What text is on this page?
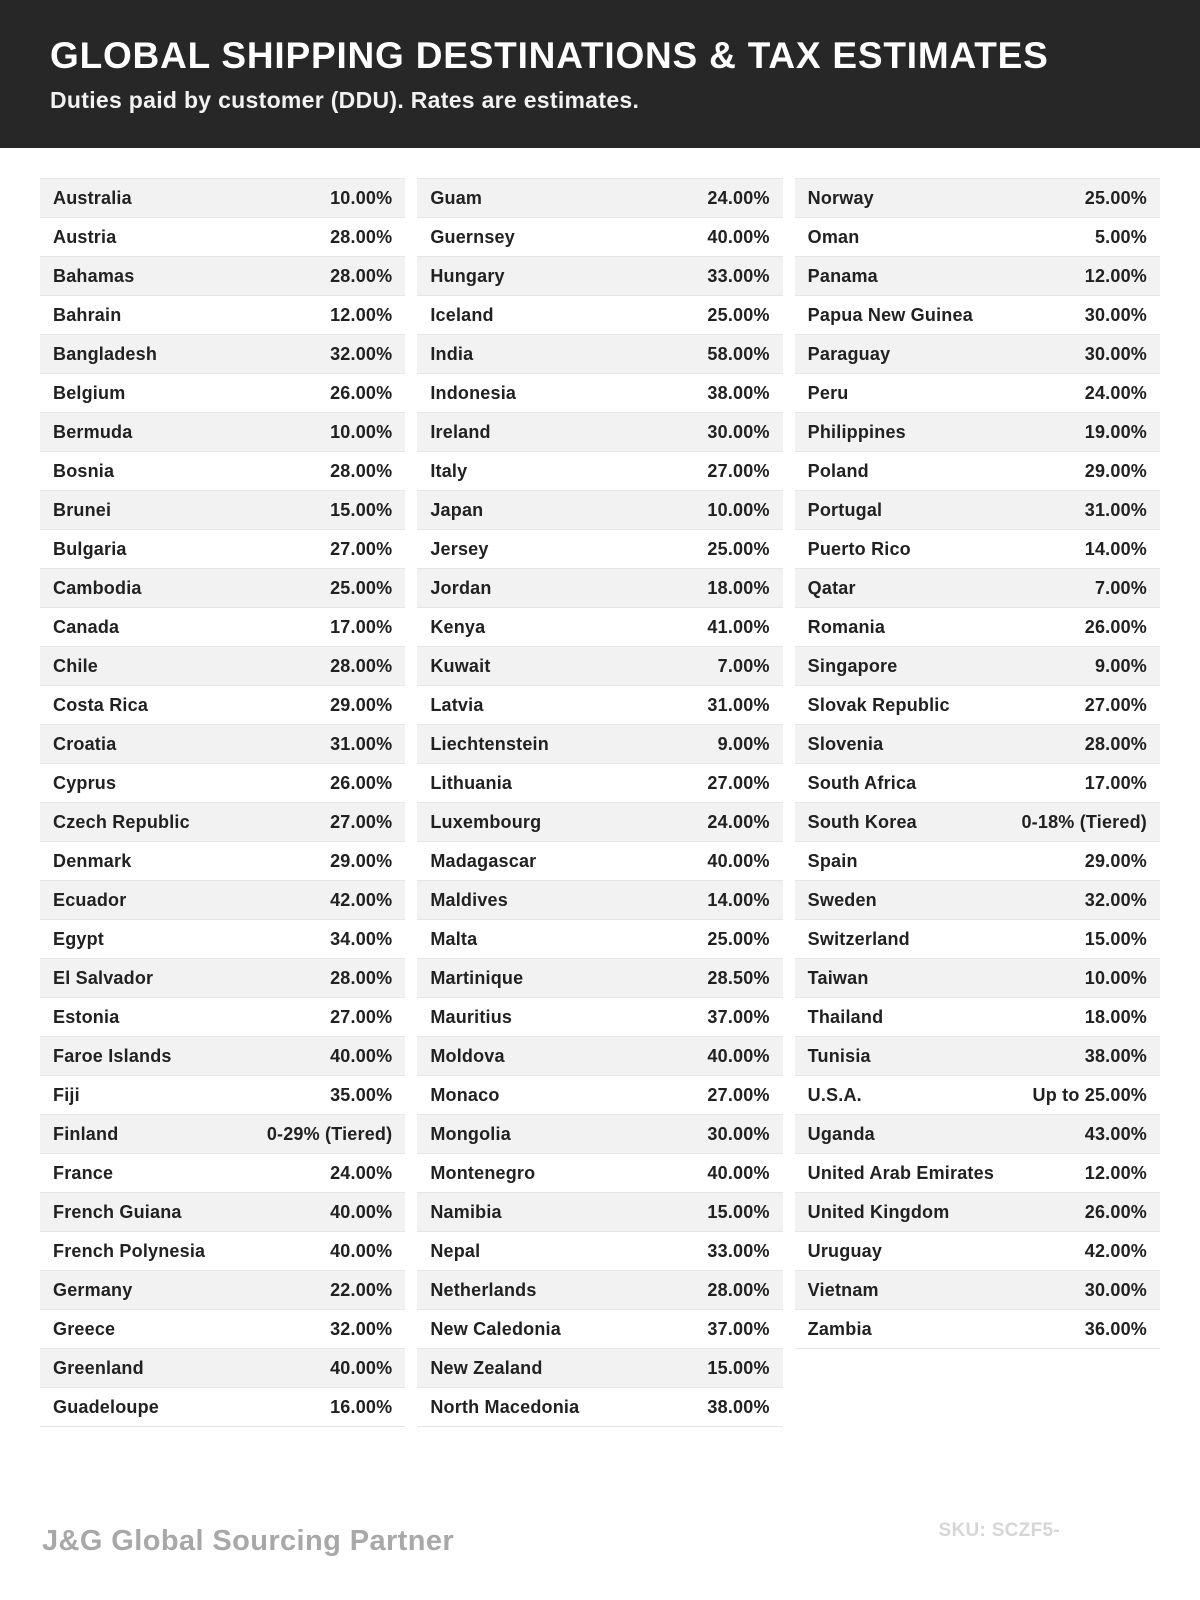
GLOBAL SHIPPING DESTINATIONS & TAX ESTIMATES
Duties paid by customer (DDU). Rates are estimates.
Australia	10.00%
Austria	28.00%
Bahamas	28.00%
Bahrain	12.00%
Bangladesh	32.00%
Belgium	26.00%
Bermuda	10.00%
Bosnia	28.00%
Brunei	15.00%
Bulgaria	27.00%
Cambodia	25.00%
Canada	17.00%
Chile	28.00%
Costa Rica	29.00%
Croatia	31.00%
Cyprus	26.00%
Czech Republic	27.00%
Denmark	29.00%
Ecuador	42.00%
Egypt	34.00%
El Salvador	28.00%
Estonia	27.00%
Faroe Islands	40.00%
Fiji	35.00%
Finland	0-29% (Tiered)
France	24.00%
French Guiana	40.00%
French Polynesia	40.00%
Germany	22.00%
Greece	32.00%
Greenland	40.00%
Guadeloupe	16.00%
Guam	24.00%
Guernsey	40.00%
Hungary	33.00%
Iceland	25.00%
India	58.00%
Indonesia	38.00%
Ireland	30.00%
Italy	27.00%
Japan	10.00%
Jersey	25.00%
Jordan	18.00%
Kenya	41.00%
Kuwait	7.00%
Latvia	31.00%
Liechtenstein	9.00%
Lithuania	27.00%
Luxembourg	24.00%
Madagascar	40.00%
Maldives	14.00%
Malta	25.00%
Martinique	28.50%
Mauritius	37.00%
Moldova	40.00%
Monaco	27.00%
Mongolia	30.00%
Montenegro	40.00%
Namibia	15.00%
Nepal	33.00%
Netherlands	28.00%
New Caledonia	37.00%
New Zealand	15.00%
North Macedonia	38.00%
Norway	25.00%
Oman	5.00%
Panama	12.00%
Papua New Guinea	30.00%
Paraguay	30.00%
Peru	24.00%
Philippines	19.00%
Poland	29.00%
Portugal	31.00%
Puerto Rico	14.00%
Qatar	7.00%
Romania	26.00%
Singapore	9.00%
Slovak Republic	27.00%
Slovenia	28.00%
South Africa	17.00%
South Korea	0-18% (Tiered)
Spain	29.00%
Sweden	32.00%
Switzerland	15.00%
Taiwan	10.00%
Thailand	18.00%
Tunisia	38.00%
U.S.A.	Up to 25.00%
Uganda	43.00%
United Arab Emirates	12.00%
United Kingdom	26.00%
Uruguay	42.00%
Vietnam	30.00%
Zambia	36.00%
J&G Global Sourcing Partner	SKU: SCZF5-
